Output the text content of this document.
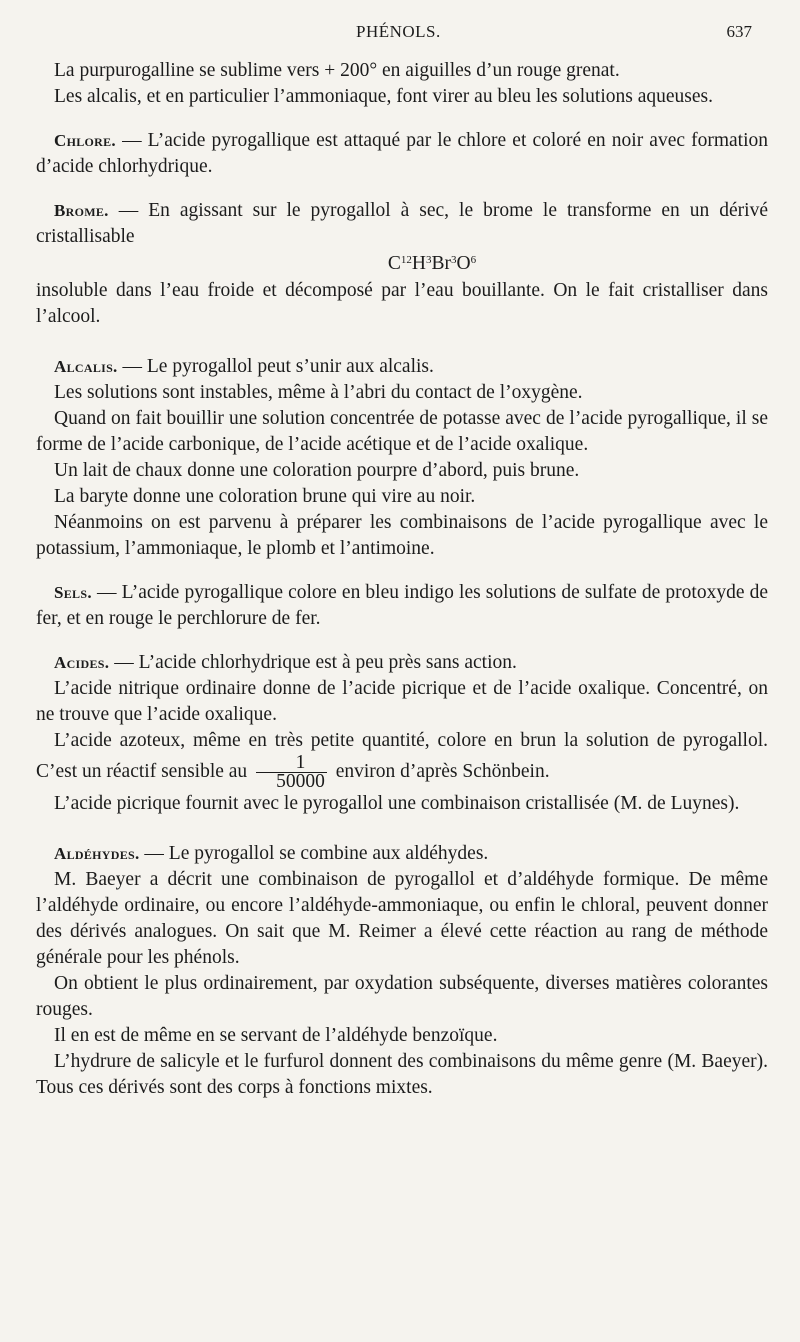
PHÉNOLS.	637

La purpurogalline se sublime vers + 200° en aiguilles d’un rouge grenat.

Les alcalis, et en particulier l’ammoniaque, font virer au bleu les solutions aqueuses.

Chlore. — L’acide pyrogallique est attaqué par le chlore et coloré en noir avec formation d’acide chlorhydrique.

Brome. — En agissant sur le pyrogallol à sec, le brome le transforme en un dérivé cristallisable

$C^{12}H^3Br^3O^6$

insoluble dans l’eau froide et décomposé par l’eau bouillante. On le fait cristalliser dans l’alcool.

Alcalis. — Le pyrogallol peut s’unir aux alcalis.

Les solutions sont instables, même à l’abri du contact de l’oxygène.

Quand on fait bouillir une solution concentrée de potasse avec de l’acide pyrogallique, il se forme de l’acide carbonique, de l’acide acétique et de l’acide oxalique.

Un lait de chaux donne une coloration pourpre d’abord, puis brune.

La baryte donne une coloration brune qui vire au noir.

Néanmoins on est parvenu à préparer les combinaisons de l’acide pyrogallique avec le potassium, l’ammoniaque, le plomb et l’antimoine.

Sels. — L’acide pyrogallique colore en bleu indigo les solutions de sulfate de protoxyde de fer, et en rouge le perchlorure de fer.

Acides. — L’acide chlorhydrique est à peu près sans action.

L’acide nitrique ordinaire donne de l’acide picrique et de l’acide oxalique. Concentré, on ne trouve que l’acide oxalique.

L’acide azoteux, même en très petite quantité, colore en brun la solution de pyrogallol. C’est un réactif sensible au $\frac{1}{50000}$ environ d’après Schönbein.

L’acide picrique fournit avec le pyrogallol une combinaison cristallisée (M. de Luynes).

Aldéhydes. — Le pyrogallol se combine aux aldéhydes.

M. Baeyer a décrit une combinaison de pyrogallol et d’aldéhyde formique. De même l’aldéhyde ordinaire, ou encore l’aldéhyde-ammoniaque, ou enfin le chloral, peuvent donner des dérivés analogues. On sait que M. Reimer a élevé cette réaction au rang de méthode générale pour les phénols.

On obtient le plus ordinairement, par oxydation subséquente, diverses matières colorantes rouges.

Il en est de même en se servant de l’aldéhyde benzoïque.

L’hydrure de salicyle et le furfurol donnent des combinaisons du même genre (M. Baeyer). Tous ces dérivés sont des corps à fonctions mixtes.
